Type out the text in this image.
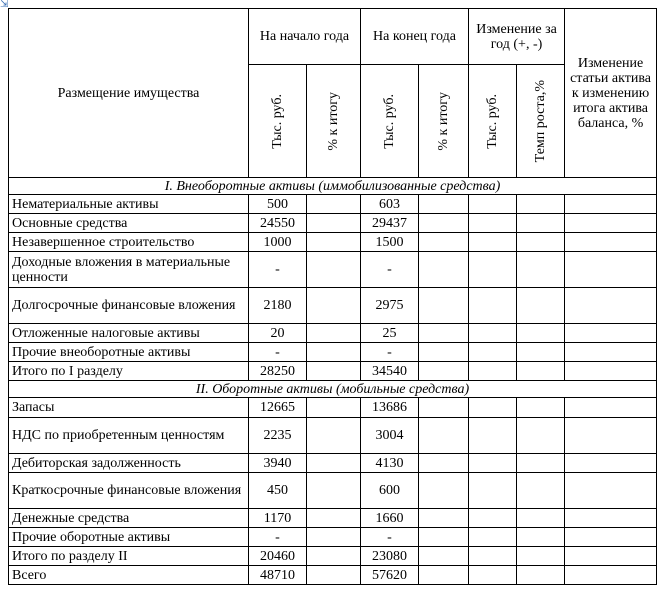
⇲
Размещение имущества	На начало года		На конец года		Изменение за год (+, -)		Изменение статьи актива к изменению итога актива баланса, %

	Тыс. руб.	% к итогу	Тыс. руб.	% к итогу	Тыс. руб.	Темп роста,%	

I. Внеоборотные активы (иммобилизованные средства)							
Нематериальные активы	500		603				
Основные средства	24550		29437				
Незавершенное строительство	1000		1500				
Доходные вложения в материальные ценности	-		-				
Долгосрочные финансовые вложения	2180		2975				
Отложенные налоговые активы	20		25				
Прочие внеоборотные активы	-		-				
Итого по I разделу	28250		34540				
II. Оборотные активы (мобильные средства)							
Запасы	12665		13686				
НДС по приобретенным ценностям	2235		3004				
Дебиторская задолженность	3940		4130				
Краткосрочные финансовые вложения	450		600				
Денежные средства	1170		1660				
Прочие оборотные активы	-		-				
Итого по разделу II	20460		23080				
Всего	48710		57620				
